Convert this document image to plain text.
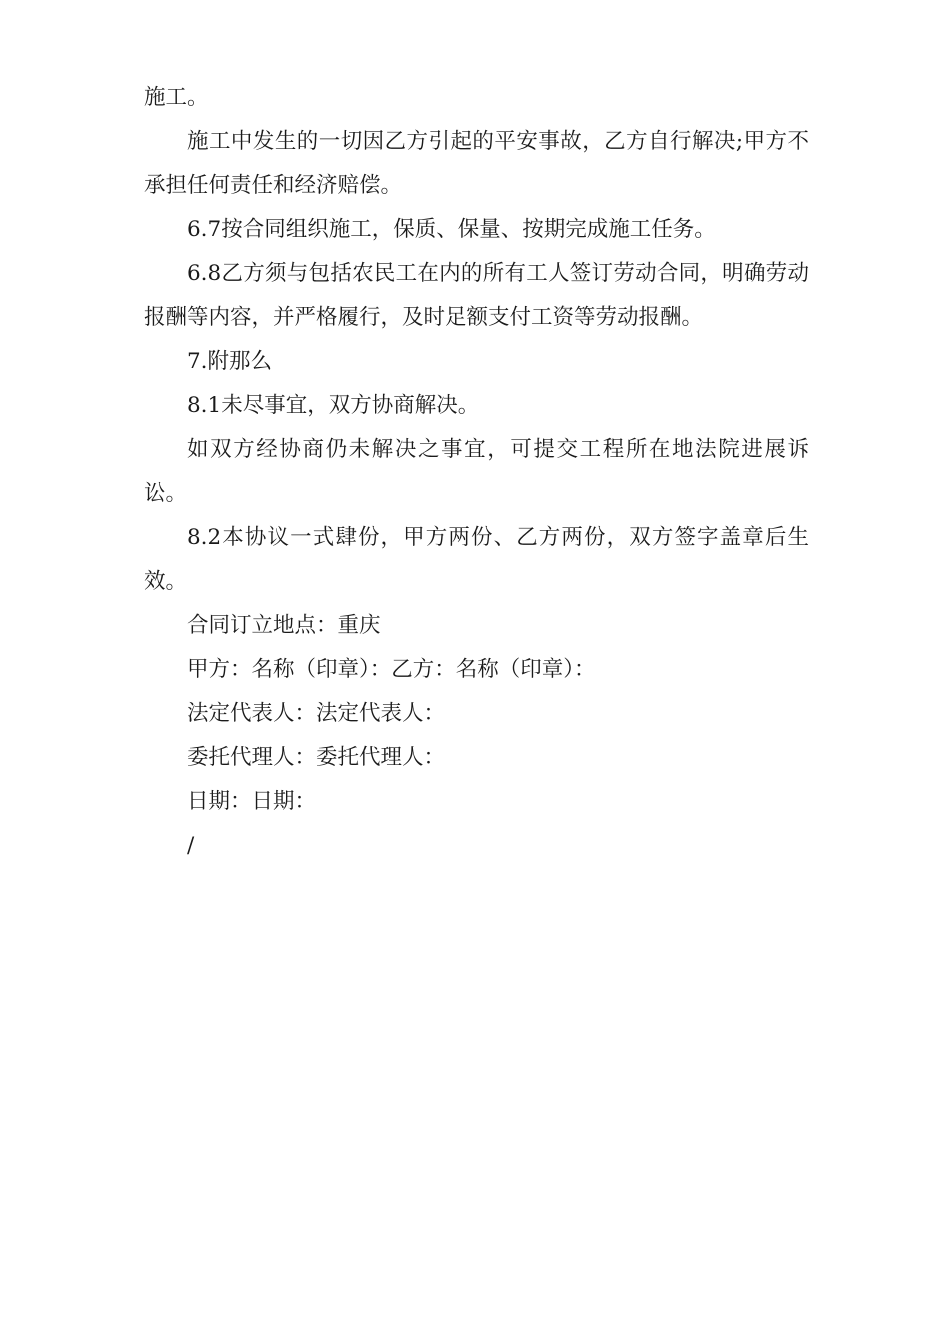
施工。

施工中发生的一切因乙方引起的平安事故，乙方自行解决;甲方不承担任何责任和经济赔偿。

6.7按合同组织施工，保质、保量、按期完成施工任务。

6.8乙方须与包括农民工在内的所有工人签订劳动合同，明确劳动报酬等内容，并严格履行，及时足额支付工资等劳动报酬。

7.附那么

8.1未尽事宜，双方协商解决。

如双方经协商仍未解决之事宜，可提交工程所在地法院进展诉讼。

8.2本协议一式肆份，甲方两份、乙方两份，双方签字盖章后生效。

合同订立地点：重庆

甲方：名称（印章）：乙方：名称（印章）：

法定代表人：法定代表人：

委托代理人：委托代理人：

日期：日期：

/
